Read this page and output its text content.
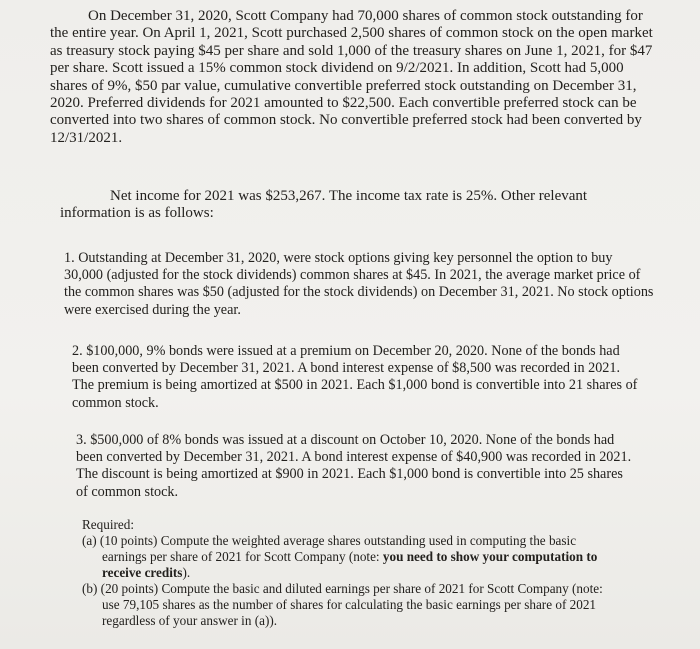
On December 31, 2020, Scott Company had 70,000 shares of common stock outstanding for the entire year. On April 1, 2021, Scott purchased 2,500 shares of common stock on the open market as treasury stock paying $45 per share and sold 1,000 of the treasury shares on June 1, 2021, for $47 per share. Scott issued a 15% common stock dividend on 9/2/2021. In addition, Scott had 5,000 shares of 9%, $50 par value, cumulative convertible preferred stock outstanding on December 31, 2020. Preferred dividends for 2021 amounted to $22,500. Each convertible preferred stock can be converted into two shares of common stock. No convertible preferred stock had been converted by 12/31/2021.

Net income for 2021 was $253,267. The income tax rate is 25%. Other relevant information is as follows:

1. Outstanding at December 31, 2020, were stock options giving key personnel the option to buy 30,000 (adjusted for the stock dividends) common shares at $45. In 2021, the average market price of the common shares was $50 (adjusted for the stock dividends) on December 31, 2021. No stock options were exercised during the year.

2. $100,000, 9% bonds were issued at a premium on December 20, 2020. None of the bonds had been converted by December 31, 2021. A bond interest expense of $8,500 was recorded in 2021. The premium is being amortized at $500 in 2021. Each $1,000 bond is convertible into 21 shares of common stock.

3. $500,000 of 8% bonds was issued at a discount on October 10, 2020. None of the bonds had been converted by December 31, 2021. A bond interest expense of $40,900 was recorded in 2021. The discount is being amortized at $900 in 2021. Each $1,000 bond is convertible into 25 shares of common stock.

Required:
(a) (10 points) Compute the weighted average shares outstanding used in computing the basic earnings per share of 2021 for Scott Company (note: you need to show your computation to receive credits).
(b) (20 points) Compute the basic and diluted earnings per share of 2021 for Scott Company (note: use 79,105 shares as the number of shares for calculating the basic earnings per share of 2021 regardless of your answer in (a)).
